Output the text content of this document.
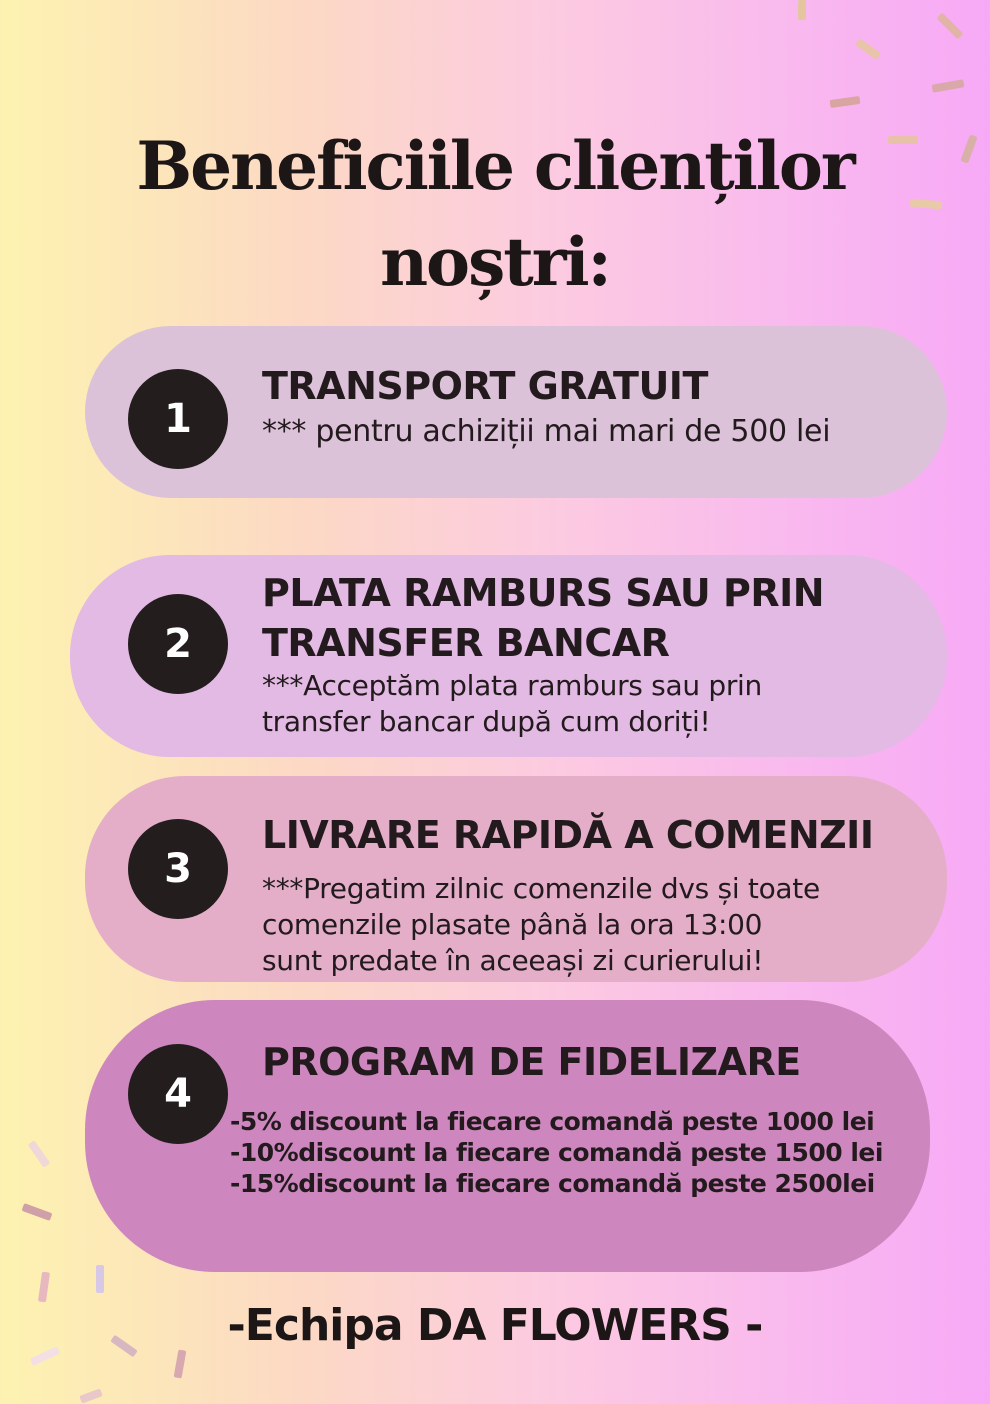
Beneficiile clienților
noștri:
1
TRANSPORT GRATUIT
*** pentru achiziții mai mari de 500 lei
2
PLATA RAMBURS SAU PRIN
TRANSFER BANCAR
***Acceptăm plata ramburs sau prin
transfer bancar după cum doriți!
3
LIVRARE RAPIDĂ A COMENZII
***Pregatim zilnic comenzile dvs și toate
comenzile plasate până la ora 13:00
sunt predate în aceeași zi curierului!
4
PROGRAM DE FIDELIZARE
-5% discount la fiecare comandă peste 1000 lei
-10%discount la fiecare comandă peste 1500 lei
-15%discount la fiecare comandă peste 2500lei
-Echipa DA FLOWERS -
